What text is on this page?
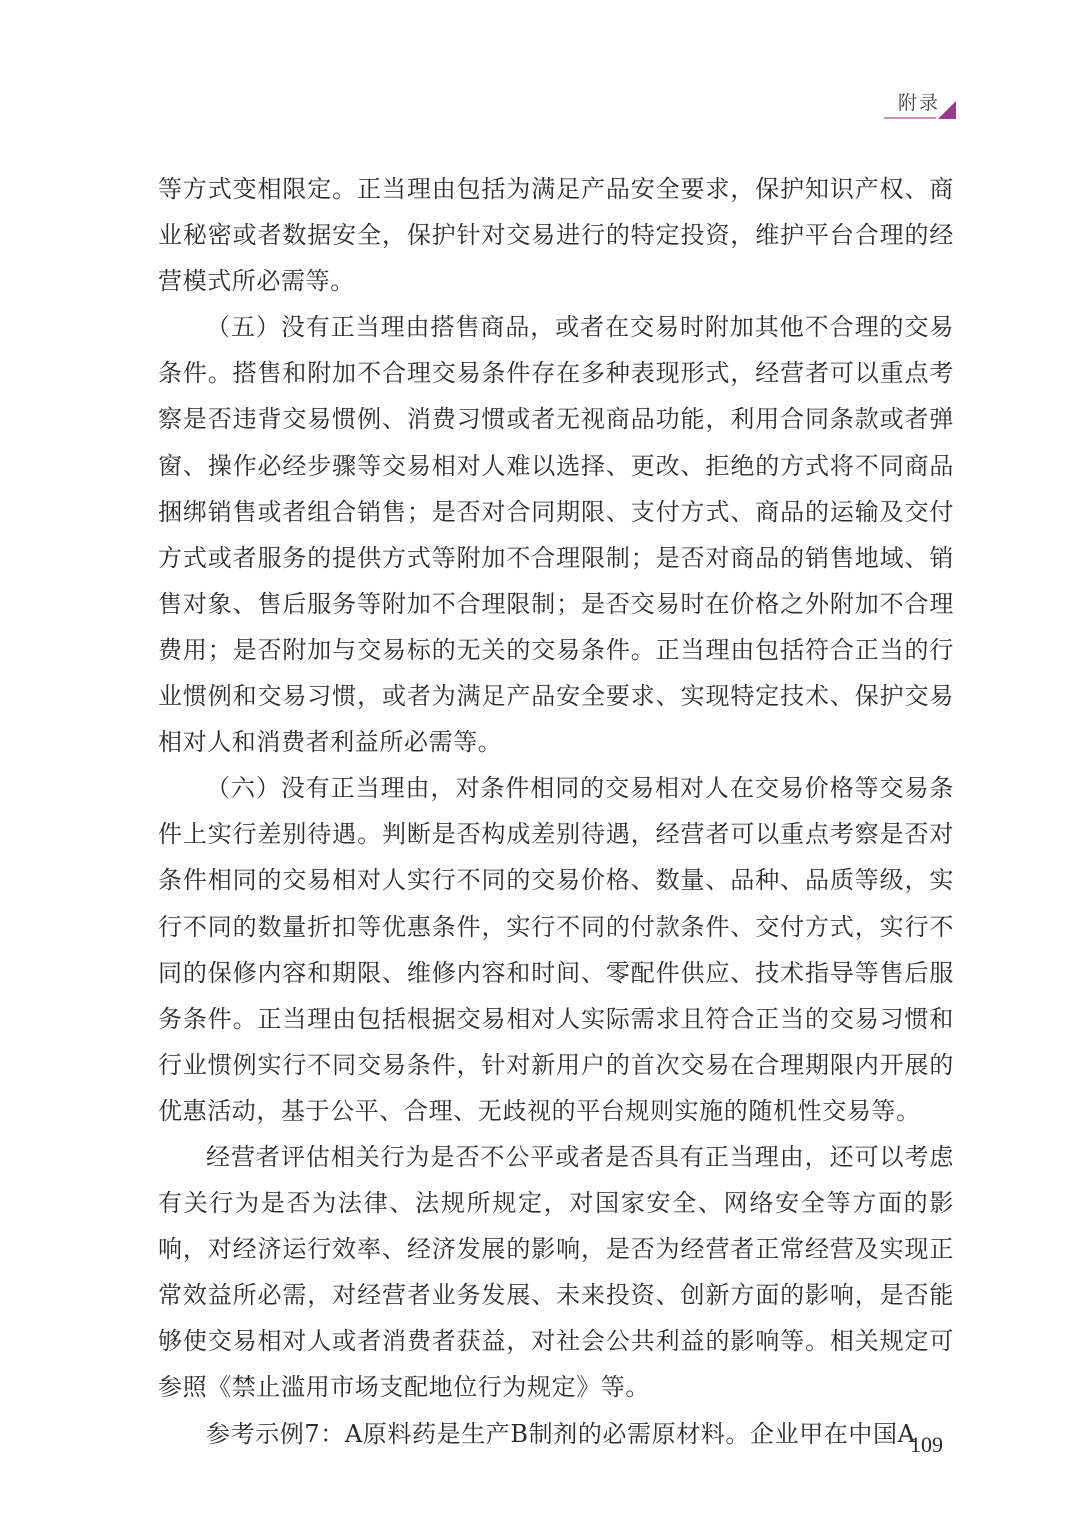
附录

等方式变相限定。正当理由包括为满足产品安全要求，保护知识产权、商业秘密或者数据安全，保护针对交易进行的特定投资，维护平台合理的经营模式所必需等。

（五）没有正当理由搭售商品，或者在交易时附加其他不合理的交易条件。搭售和附加不合理交易条件存在多种表现形式，经营者可以重点考察是否违背交易惯例、消费习惯或者无视商品功能，利用合同条款或者弹窗、操作必经步骤等交易相对人难以选择、更改、拒绝的方式将不同商品捆绑销售或者组合销售；是否对合同期限、支付方式、商品的运输及交付方式或者服务的提供方式等附加不合理限制；是否对商品的销售地域、销售对象、售后服务等附加不合理限制；是否交易时在价格之外附加不合理费用；是否附加与交易标的无关的交易条件。正当理由包括符合正当的行业惯例和交易习惯，或者为满足产品安全要求、实现特定技术、保护交易相对人和消费者利益所必需等。

（六）没有正当理由，对条件相同的交易相对人在交易价格等交易条件上实行差别待遇。判断是否构成差别待遇，经营者可以重点考察是否对条件相同的交易相对人实行不同的交易价格、数量、品种、品质等级，实行不同的数量折扣等优惠条件，实行不同的付款条件、交付方式，实行不同的保修内容和期限、维修内容和时间、零配件供应、技术指导等售后服务条件。正当理由包括根据交易相对人实际需求且符合正当的交易习惯和行业惯例实行不同交易条件，针对新用户的首次交易在合理期限内开展的优惠活动，基于公平、合理、无歧视的平台规则实施的随机性交易等。

经营者评估相关行为是否不公平或者是否具有正当理由，还可以考虑有关行为是否为法律、法规所规定，对国家安全、网络安全等方面的影响，对经济运行效率、经济发展的影响，是否为经营者正常经营及实现正常效益所必需，对经营者业务发展、未来投资、创新方面的影响，是否能够使交易相对人或者消费者获益，对社会公共利益的影响等。相关规定可参照《禁止滥用市场支配地位行为规定》等。

参考示例7：A原料药是生产B制剂的必需原材料。企业甲在中国A

109
